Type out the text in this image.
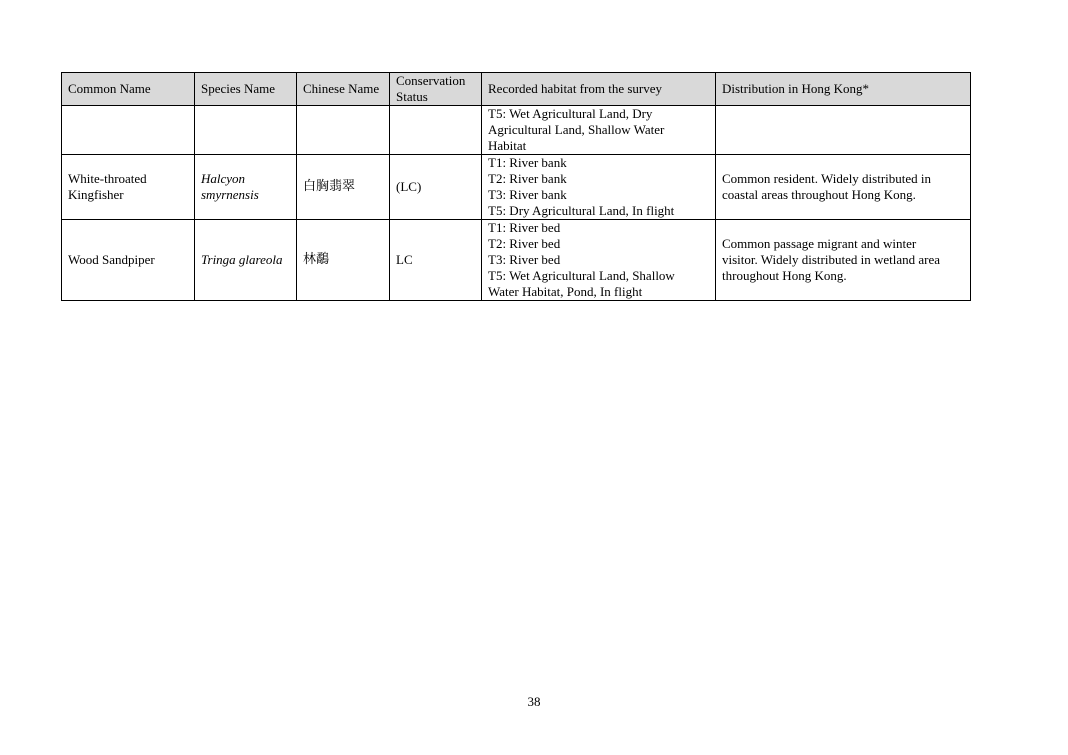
Common Name	Species Name	Chinese Name	Conservation Status	Recorded habitat from the survey	Distribution in Hong Kong*

				T5: Wet Agricultural Land, Dry
Agricultural Land, Shallow Water
Habitat	

White-throated
Kingfisher	Halcyon
smyrnensis	白胸翡翠	(LC)	T1: River bank
T2: River bank
T3: River bank
T5: Dry Agricultural Land, In flight	Common resident. Widely distributed in
coastal areas throughout Hong Kong.

Wood Sandpiper	Tringa glareola	林鷸	LC	T1: River bed
T2: River bed
T3: River bed
T5: Wet Agricultural Land, Shallow
Water Habitat, Pond, In flight	Common passage migrant and winter
visitor. Widely distributed in wetland area
throughout Hong Kong.
38
